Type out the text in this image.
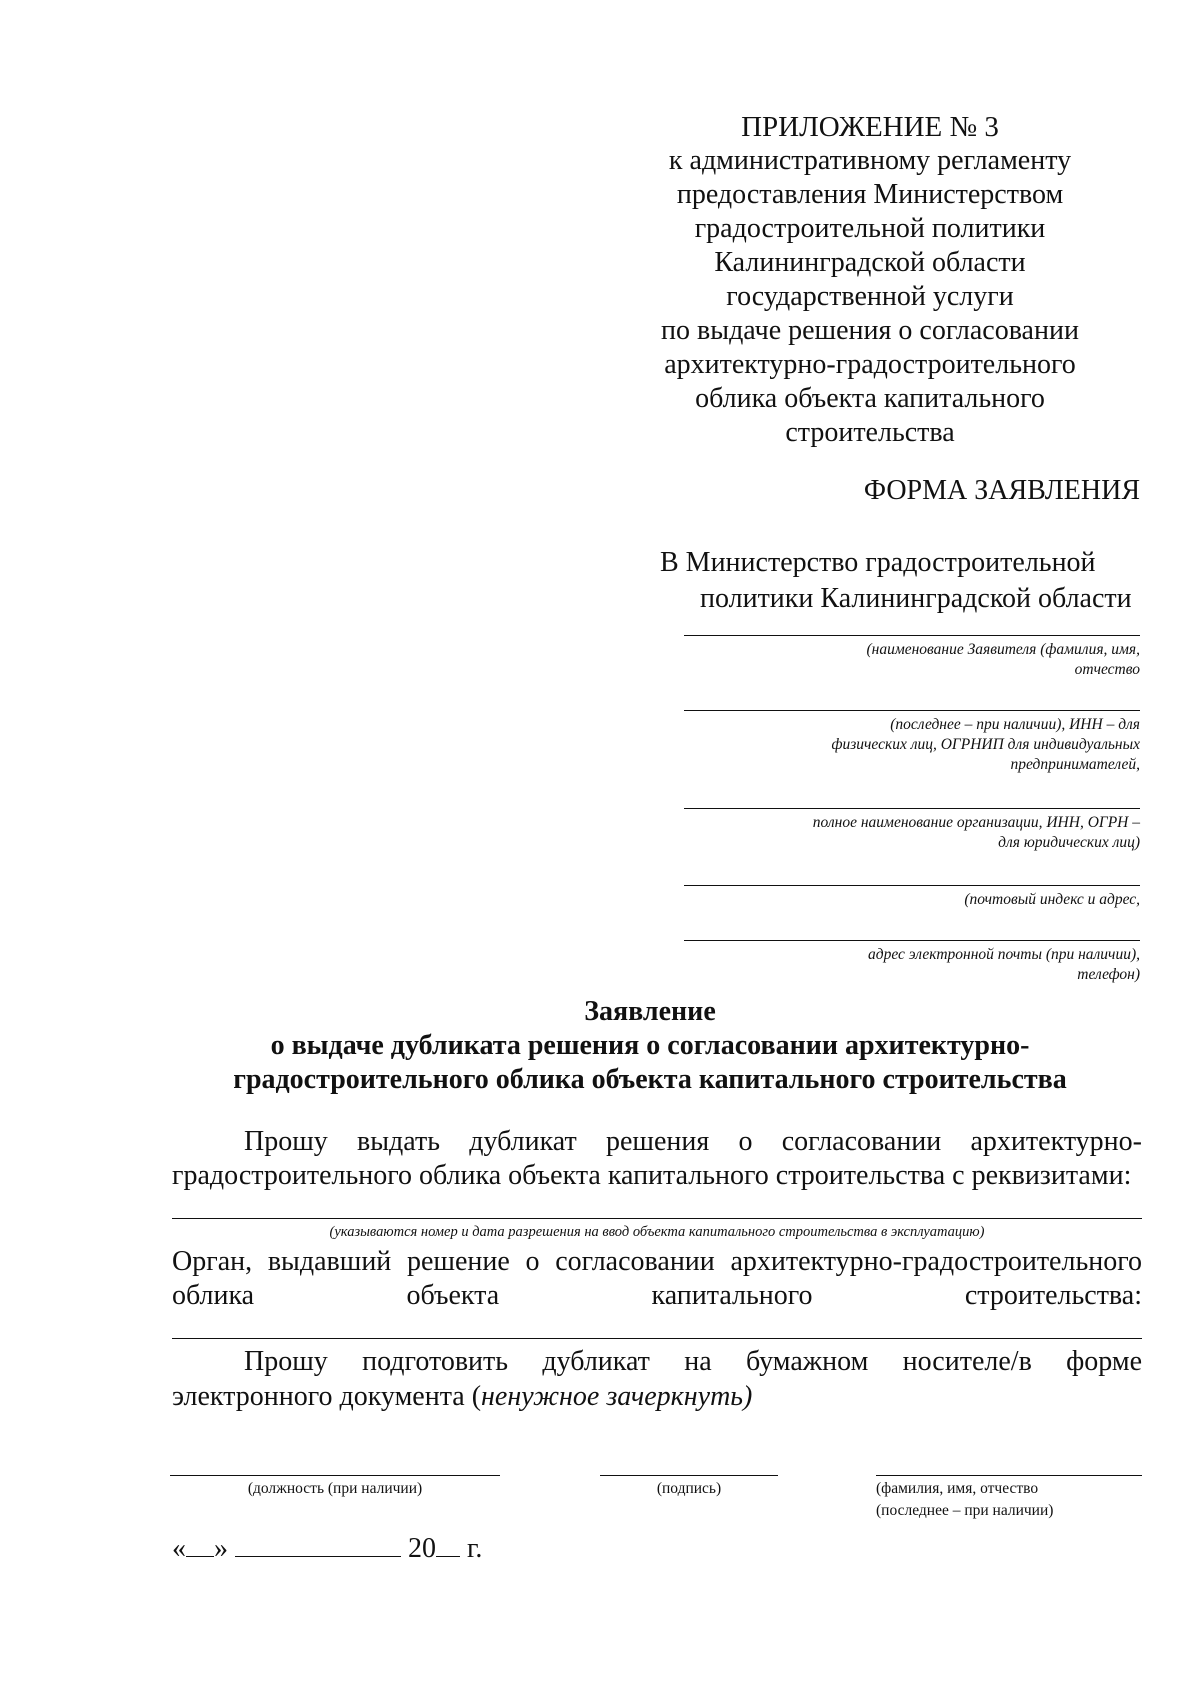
ПРИЛОЖЕНИЕ № 3
к административному регламенту
предоставления Министерством
градостроительной политики
Калининградской области
государственной услуги
по выдаче решения о согласовании
архитектурно-градостроительного
облика объекта капитального
строительства
ФОРМА ЗАЯВЛЕНИЯ
В Министерство градостроительной
политики Калининградской области
(наименование Заявителя (фамилия, имя,
отчество
(последнее – при наличии), ИНН – для
физических лиц, ОГРНИП для индивидуальных
предпринимателей,
полное наименование организации, ИНН, ОГРН –
для юридических лиц)
(почтовый индекс и адрес,
адрес электронной почты (при наличии),
телефон)
Заявление
о выдаче дубликата решения о согласовании архитектурно-
градостроительного облика объекта капитального строительства
Прошу выдать дубликат решения о согласовании архитектурно-
градостроительного облика объекта капитального строительства с реквизитами:
(указываются номер и дата разрешения на ввод объекта капитального строительства в эксплуатацию)
Орган, выдавший решение о согласовании архитектурно-градостроительного
облика объекта капитального строительства:
Прошу подготовить дубликат на бумажном носителе/в форме
электронного документа (ненужное зачеркнуть)
(должность (при наличии)	(подпись)	(фамилия, имя, отчество
(последнее – при наличии)
« »	20 г.
